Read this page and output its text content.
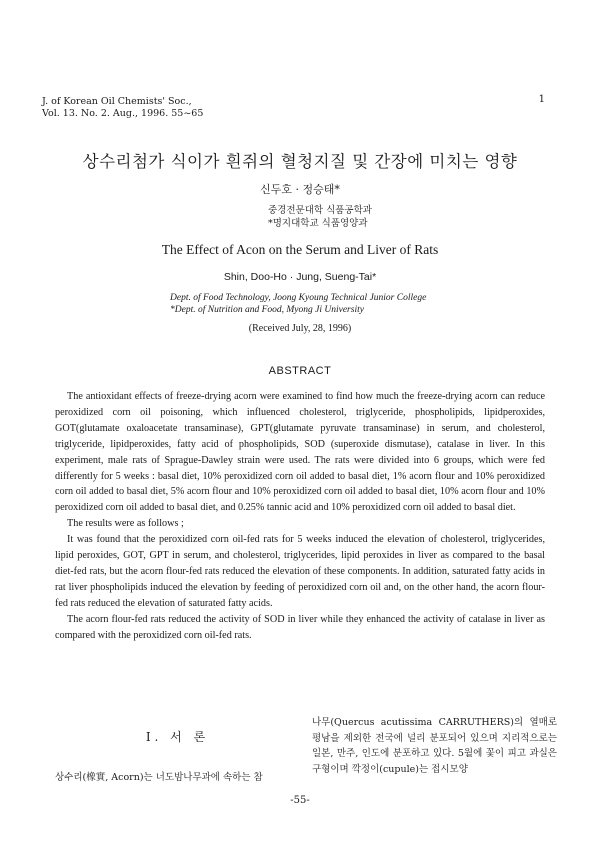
J. of Korean Oil Chemists' Soc.,
Vol. 13. No. 2. Aug., 1996. 55~65
1
상수리첨가 식이가 흰쥐의 혈청지질 및 간장에 미치는 영향
신두호 · 정승태*
중경전문대학 식품공학과
*명지대학교 식품영양과
The Effect of Acon on the Serum and Liver of Rats
Shin, Doo-Ho · Jung, Sueng-Tai*
Dept. of Food Technology, Joong Kyoung Technical Junior College
*Dept. of Nutrition and Food, Myong Ji University
(Received July, 28, 1996)
ABSTRACT

The antioxidant effects of freeze-drying acorn were examined to find how much the freeze-drying acorn can reduce peroxidized corn oil poisoning, which influenced cholesterol, triglyceride, phospholipids, lipidperoxides, GOT(glutamate oxaloacetate transaminase), GPT(glutamate pyruvate transaminase) in serum, and cholesterol, triglyceride, lipidperoxides, fatty acid of phospholipids, SOD (superoxide dismutase), catalase in liver. In this experiment, male rats of Sprague-Dawley strain were used. The rats were divided into 6 groups, which were fed differently for 5 weeks : basal diet, 10% peroxidized corn oil added to basal diet, 1% acorn flour and 10% peroxidized corn oil added to basal diet, 5% acorn flour and 10% peroxidized corn oil added to basal diet, 10% acorn flour and 10% peroxidized corn oil added to basal diet, and 0.25% tannic acid and 10% peroxidized corn oil added to basal diet.

The results were as follows ;

It was found that the peroxidized corn oil-fed rats for 5 weeks induced the elevation of cholesterol, triglycerides, lipid peroxides, GOT, GPT in serum, and cholesterol, triglycerides, lipid peroxides in liver as compared to the basal diet-fed rats, but the acorn flour-fed rats reduced the elevation of these components. In addition, saturated fatty acids in rat liver phospholipids induced the elevation by feeding of peroxidized corn oil and, on the other hand, the acorn flour-fed rats reduced the elevation of saturated fatty acids.

The acorn flour-fed rats reduced the activity of SOD in liver while they enhanced the activity of catalase in liver as compared with the peroxidized corn oil-fed rats.

I. 서 론
상수리(橡實, Acorn)는 너도밤나무과에 속하는 참
나무(Quercus acutissima CARRUTHERS)의 열매로 평남을 제외한 전국에 널리 분포되어 있으며 지리적으로는 일본, 만주, 인도에 분포하고 있다. 5월에 꽃이 피고 과실은 구형이며 깍정이(cupule)는 접시모양
-55-
